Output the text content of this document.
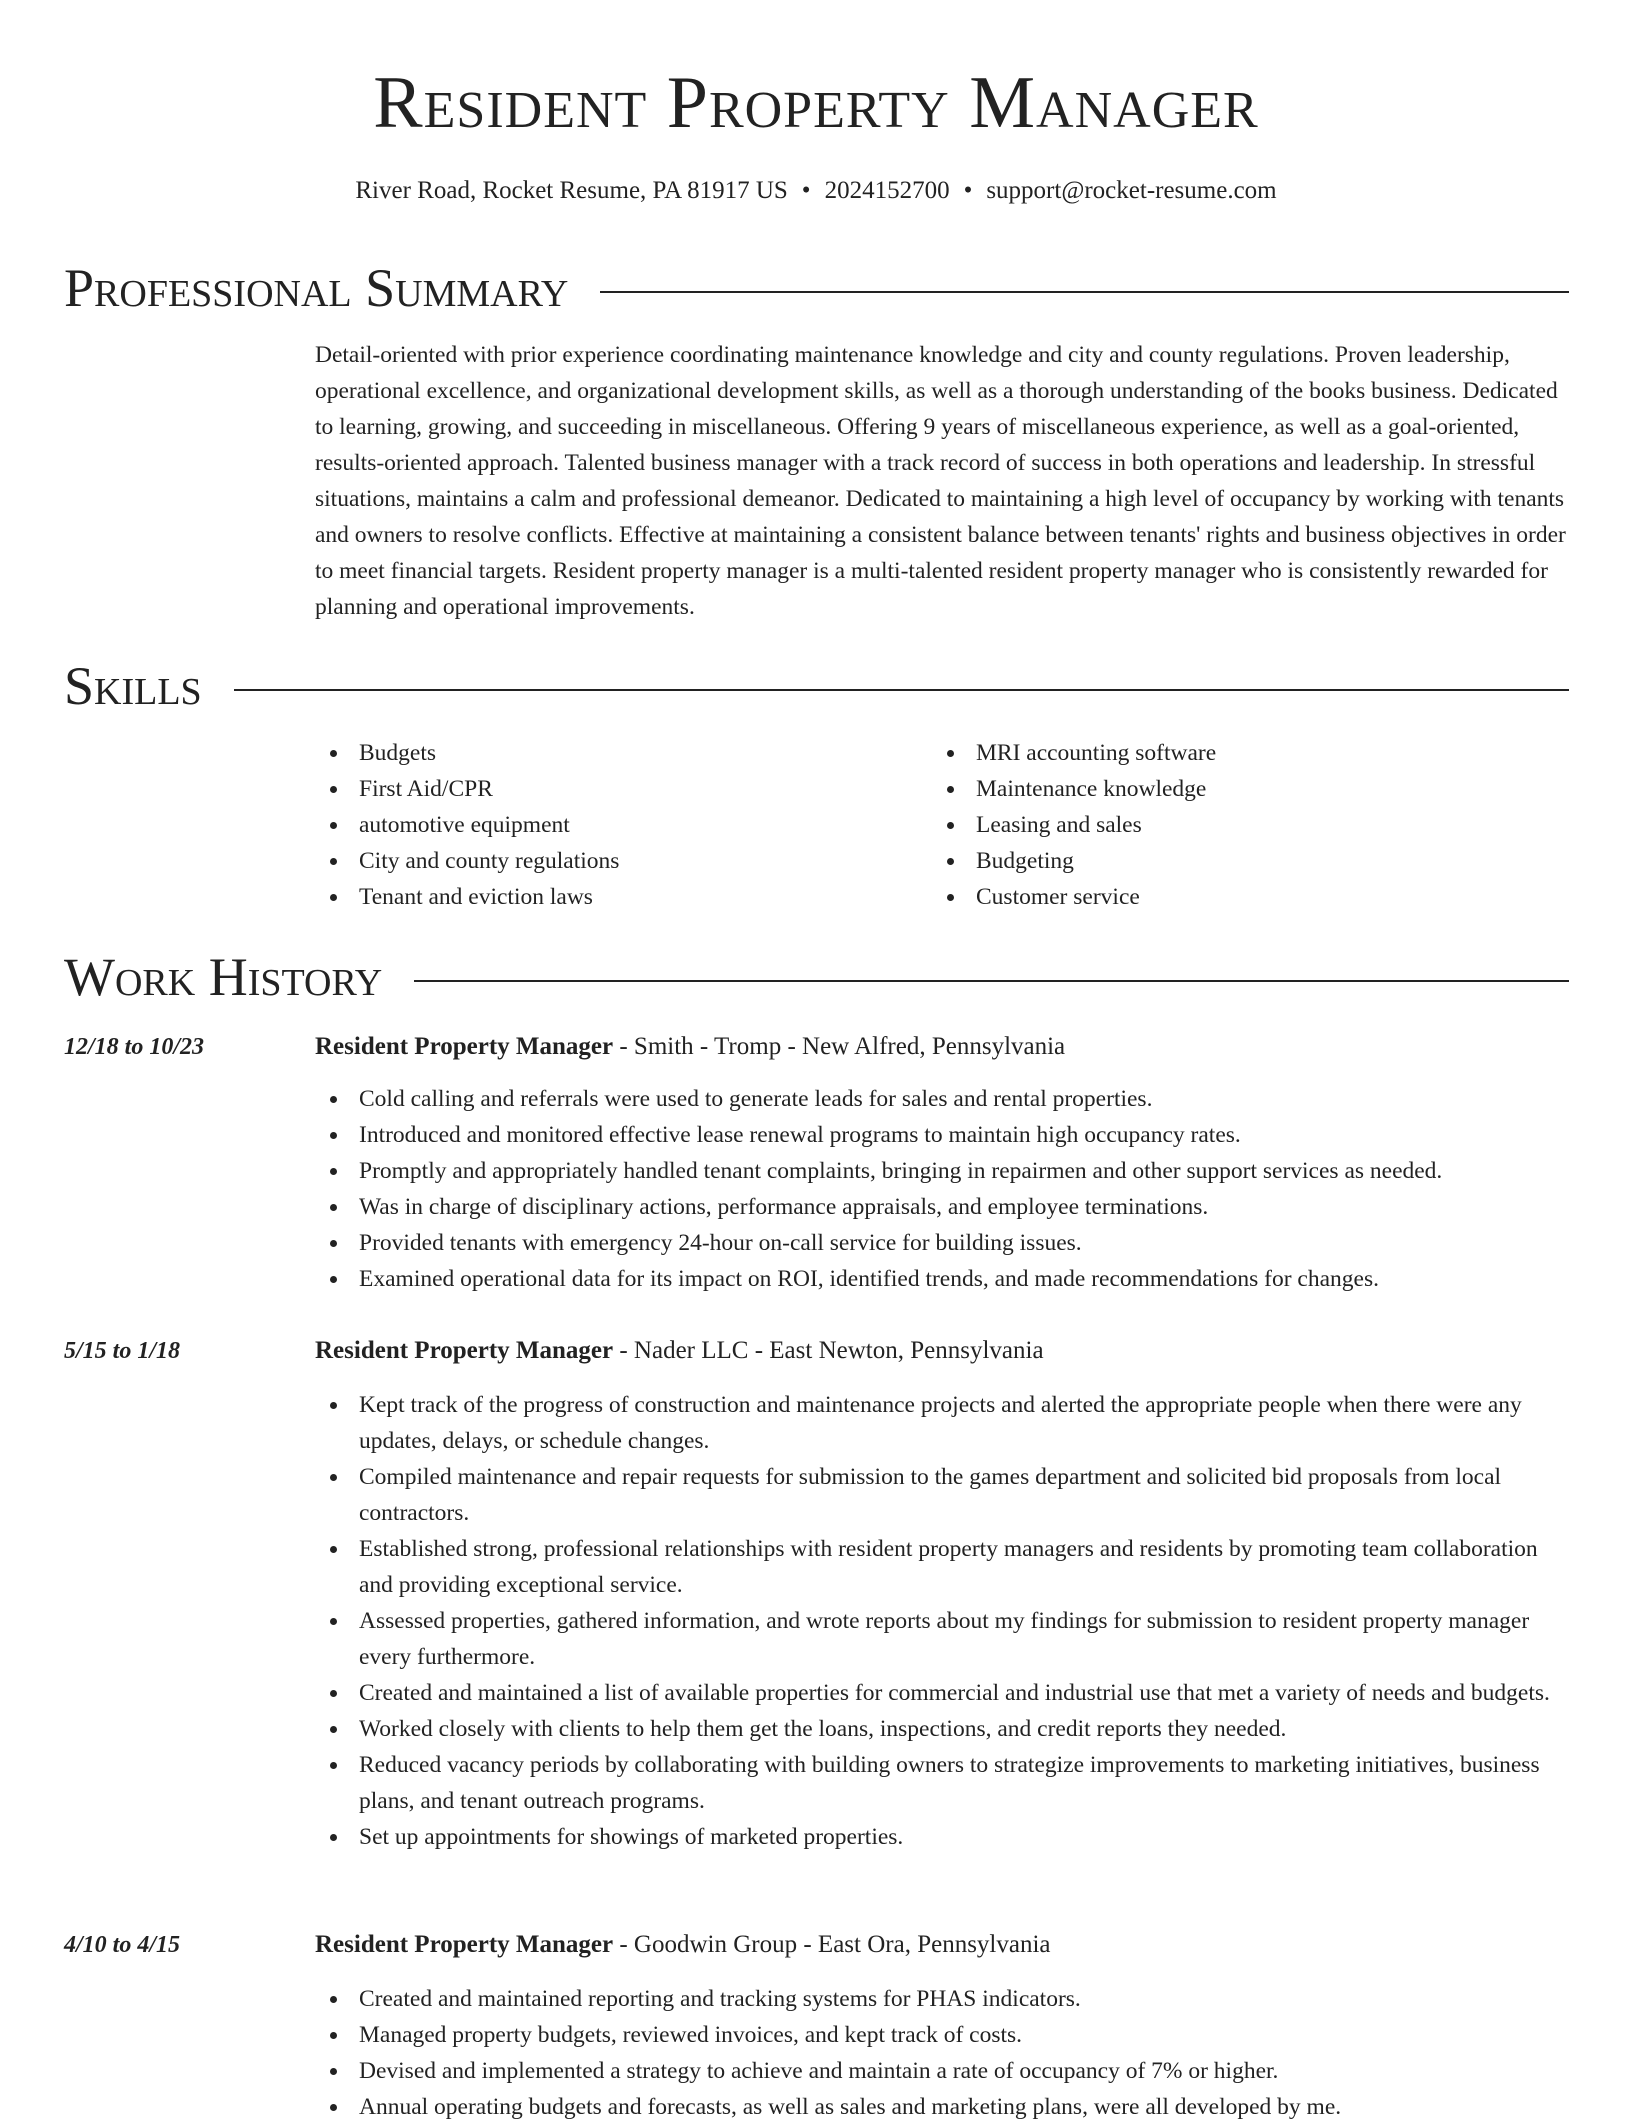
Resident Property Manager
River Road, Rocket Resume, PA 81917 US • 2024152700 • support@rocket-resume.com
Professional Summary

Detail-oriented with prior experience coordinating maintenance knowledge and city and county regulations. Proven leadership, operational excellence, and organizational development skills, as well as a thorough understanding of the books business. Dedicated to learning, growing, and succeeding in miscellaneous. Offering 9 years of miscellaneous experience, as well as a goal-oriented, results-oriented approach. Talented business manager with a track record of success in both operations and leadership. In stressful situations, maintains a calm and professional demeanor. Dedicated to maintaining a high level of occupancy by working with tenants and owners to resolve conflicts. Effective at maintaining a consistent balance between tenants' rights and business objectives in order to meet financial targets. Resident property manager is a multi-talented resident property manager who is consistently rewarded for planning and operational improvements.

Skills
Budgets
First Aid/CPR
automotive equipment
City and county regulations
Tenant and eviction laws
MRI accounting software
Maintenance knowledge
Leasing and sales
Budgeting
Customer service
Work History
12/18 to 10/23	Resident Property Manager - Smith - Tromp - New Alfred, Pennsylvania
Cold calling and referrals were used to generate leads for sales and rental properties.
Introduced and monitored effective lease renewal programs to maintain high occupancy rates.
Promptly and appropriately handled tenant complaints, bringing in repairmen and other support services as needed.
Was in charge of disciplinary actions, performance appraisals, and employee terminations.
Provided tenants with emergency 24-hour on-call service for building issues.
Examined operational data for its impact on ROI, identified trends, and made recommendations for changes.
5/15 to 1/18	Resident Property Manager - Nader LLC - East Newton, Pennsylvania
Kept track of the progress of construction and maintenance projects and alerted the appropriate people when there were any updates, delays, or schedule changes.
Compiled maintenance and repair requests for submission to the games department and solicited bid proposals from local contractors.
Established strong, professional relationships with resident property managers and residents by promoting team collaboration and providing exceptional service.
Assessed properties, gathered information, and wrote reports about my findings for submission to resident property manager every furthermore.
Created and maintained a list of available properties for commercial and industrial use that met a variety of needs and budgets.
Worked closely with clients to help them get the loans, inspections, and credit reports they needed.
Reduced vacancy periods by collaborating with building owners to strategize improvements to marketing initiatives, business plans, and tenant outreach programs.
Set up appointments for showings of marketed properties.
4/10 to 4/15	Resident Property Manager - Goodwin Group - East Ora, Pennsylvania
Created and maintained reporting and tracking systems for PHAS indicators.
Managed property budgets, reviewed invoices, and kept track of costs.
Devised and implemented a strategy to achieve and maintain a rate of occupancy of 7% or higher.
Annual operating budgets and forecasts, as well as sales and marketing plans, were all developed by me.
